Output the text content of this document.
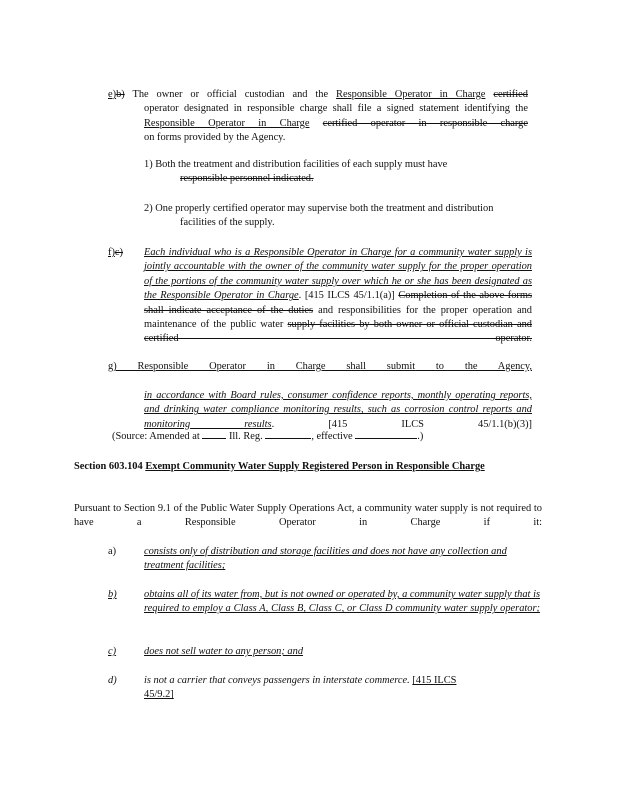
e)b) The owner or official custodian and the Responsible Operator in Charge certified
operator designated in responsible charge shall file a signed statement identifying the Responsible Operator in Charge certified operator in responsible charge
on forms provided by the Agency.
1) Both the treatment and distribution facilities of each supply must have
responsible personnel indicated.
2) One properly certified operator may supervise both the treatment and distribution facilities of the supply.
f)c)	Each individual who is a Responsible Operator in Charge for a community water supply is jointly accountable with the owner of the community water supply for the proper operation of the portions of the community water supply over which he or she has been designated as the Responsible Operator in Charge. [415 ILCS 45/1.1(a)] Completion of the above forms shall indicate acceptance of the duties and responsibilities for the proper operation and maintenance of the public water supply facilities by both owner or official custodian and certified operator.
g) Responsible Operator in Charge shall submit to the Agency,
in accordance with Board rules, consumer confidence reports, monthly operating reports, and drinking water compliance monitoring results, such as corrosion control reports and monitoring results. [415 ILCS 45/1.1(b)(3)]
(Source: Amended at	Ill. Reg.	, effective	.)
Section 603.104 Exempt Community Water Supply Registered Person in Responsible Charge
Pursuant to Section 9.1 of the Public Water Supply Operations Act, a community water supply is not required to have a Responsible Operator in Charge if it:
a)	consists only of distribution and storage facilities and does not have any collection and treatment facilities;
b)	obtains all of its water from, but is not owned or operated by, a community water supply that is required to employ a Class A, Class B, Class C, or Class D community water supply operator;
c)	does not sell water to any person; and
d)	is not a carrier that conveys passengers in interstate commerce. [415 ILCS 45/9.2]
